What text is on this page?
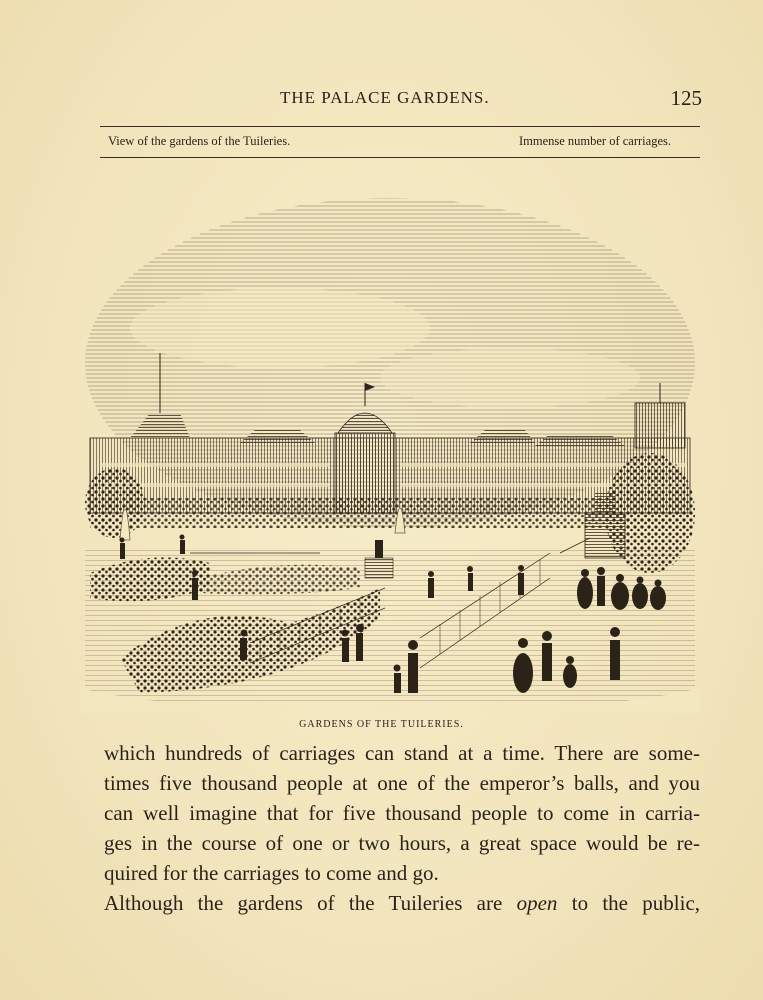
THE PALACE GARDENS.	125
View of the gardens of the Tuileries.	Immense number of carriages.
GARDENS OF THE TUILERIES.
which hundreds of carriages can stand at a time. There are some-
times five thousand people at one of the emperor’s balls, and you
can well imagine that for five thousand people to come in carria-
ges in the course of one or two hours, a great space would be re-
quired for the carriages to come and go.
Although the gardens of the Tuileries are open to the public,
